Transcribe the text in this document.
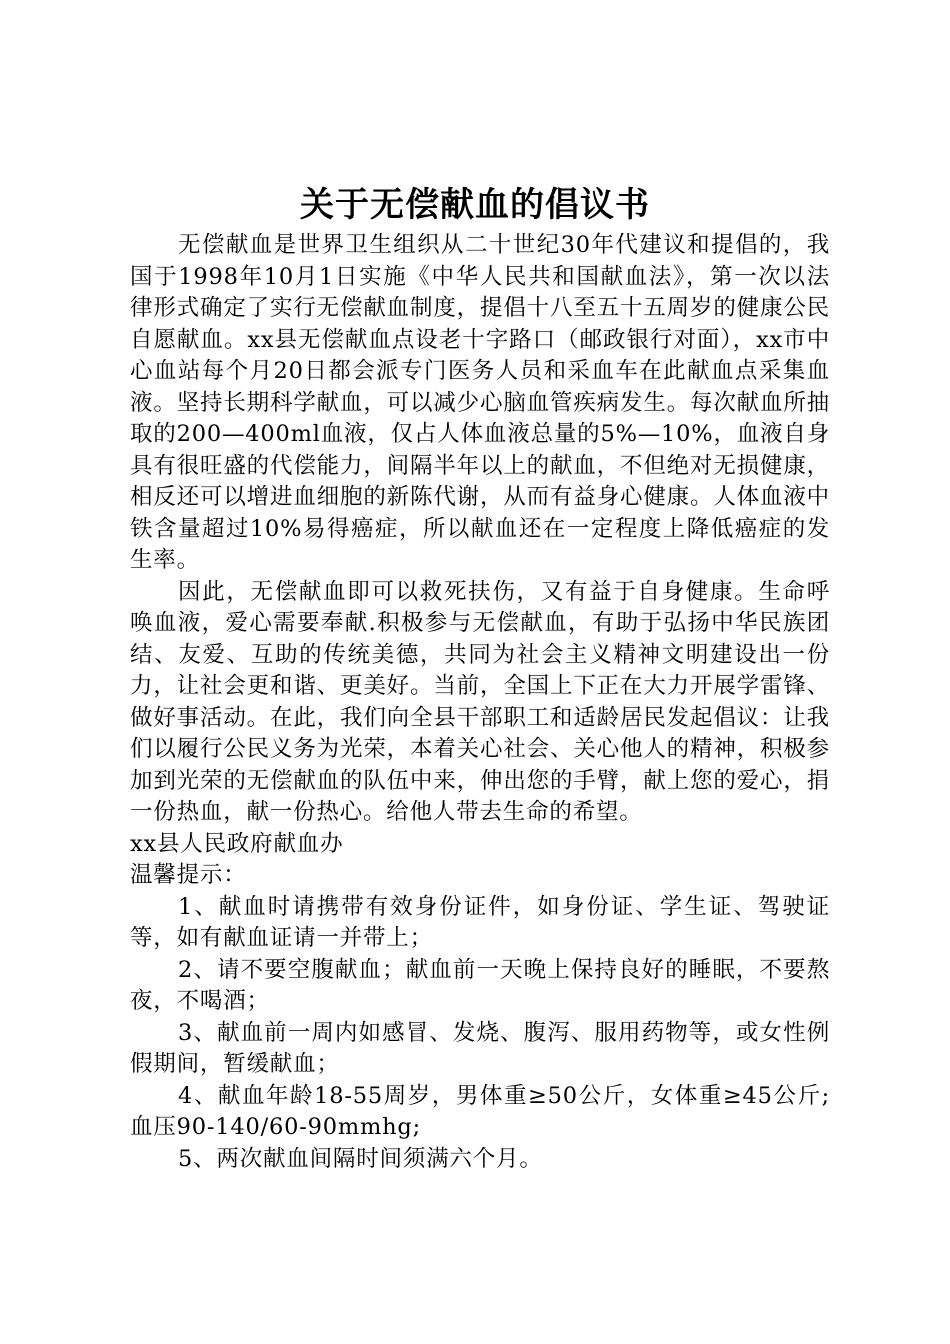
关于无偿献血的倡议书

无偿献血是世界卫生组织从二十世纪30年代建议和提倡的，我国于1998年10月1日实施《中华人民共和国献血法》，第一次以法律形式确定了实行无偿献血制度，提倡十八至五十五周岁的健康公民自愿献血。xx县无偿献血点设老十字路口（邮政银行对面），xx市中心血站每个月20日都会派专门医务人员和采血车在此献血点采集血液。坚持长期科学献血，可以减少心脑血管疾病发生。每次献血所抽取的200—400ml血液，仅占人体血液总量的5%—10%，血液自身具有很旺盛的代偿能力，间隔半年以上的献血，不但绝对无损健康，相反还可以增进血细胞的新陈代谢，从而有益身心健康。人体血液中铁含量超过10%易得癌症，所以献血还在一定程度上降低癌症的发生率。

因此，无偿献血即可以救死扶伤，又有益于自身健康。生命呼唤血液，爱心需要奉献.积极参与无偿献血，有助于弘扬中华民族团结、友爱、互助的传统美德，共同为社会主义精神文明建设出一份力，让社会更和谐、更美好。当前，全国上下正在大力开展学雷锋、做好事活动。在此，我们向全县干部职工和适龄居民发起倡议：让我们以履行公民义务为光荣，本着关心社会、关心他人的精神，积极参加到光荣的无偿献血的队伍中来，伸出您的手臂，献上您的爱心，捐一份热血，献一份热心。给他人带去生命的希望。

xx县人民政府献血办

温馨提示：

1、献血时请携带有效身份证件，如身份证、学生证、驾驶证等，如有献血证请一并带上；

2、请不要空腹献血；献血前一天晚上保持良好的睡眠，不要熬夜，不喝酒；

3、献血前一周内如感冒、发烧、腹泻、服用药物等，或女性例假期间，暂缓献血；

4、献血年龄18-55周岁，男体重≥50公斤，女体重≥45公斤;血压90-140/60-90mmhg;

5、两次献血间隔时间须满六个月。
